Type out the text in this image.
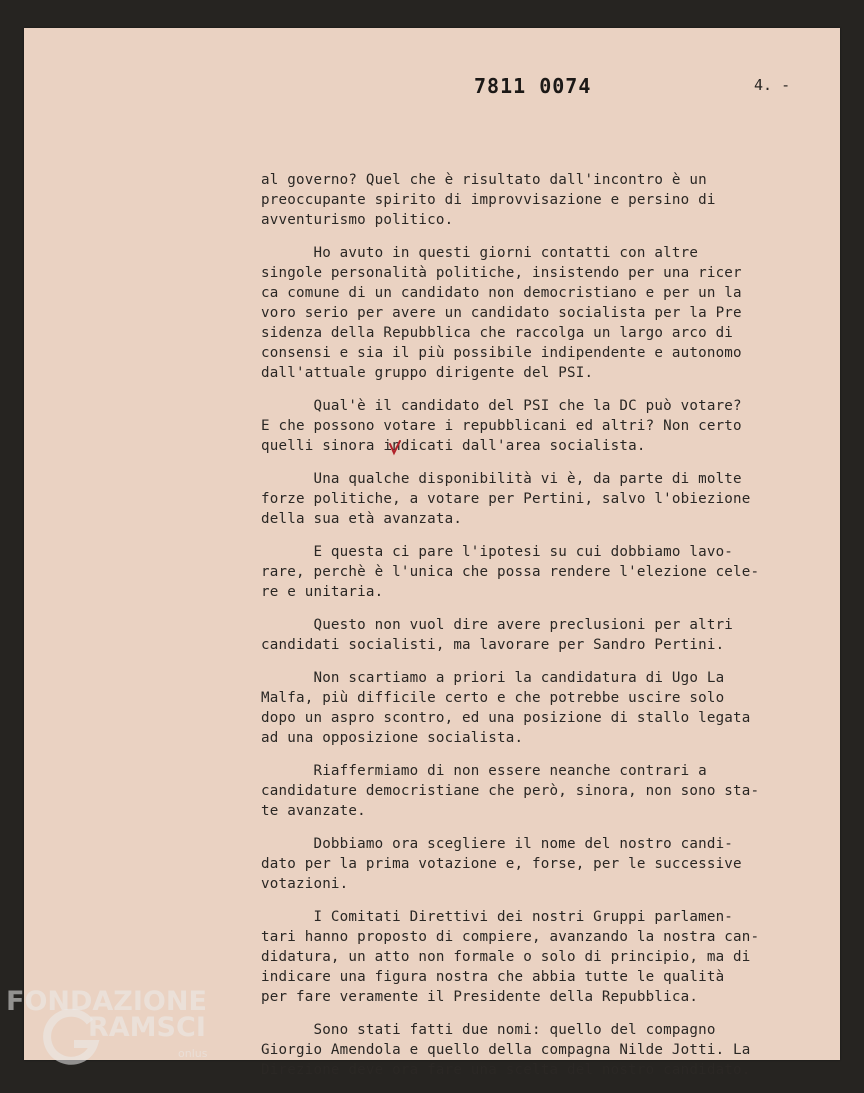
7811 0074	4. -
al governo? Quel che è risultato dall'incontro è un
preoccupante spirito di improvvisazione e persino di
avventurismo politico.
Ho avuto in questi giorni contatti con altre
singole personalità politiche, insistendo per una ricer
ca comune di un candidato non democristiano e per un la
voro serio per avere un candidato socialista per la Pre
sidenza della Repubblica che raccolga un largo arco di
consensi e sia il più possibile indipendente e autonomo
dall'attuale gruppo dirigente del PSI.
Qual'è il candidato del PSI che la DC può votare?
E che possono votare i repubblicani ed altri? Non certo
quelli sinora indicati dall'area socialista.
Una qualche disponibilità vi è, da parte di molte
forze politiche, a votare per Pertini, salvo l'obiezione
della sua età avanzata.
E questa ci pare l'ipotesi su cui dobbiamo lavo-
rare, perchè è l'unica che possa rendere l'elezione cele-
re e unitaria.
Questo non vuol dire avere preclusioni per altri
candidati socialisti, ma lavorare per Sandro Pertini.
Non scartiamo a priori la candidatura di Ugo La
Malfa, più difficile certo e che potrebbe uscire solo
dopo un aspro scontro, ed una posizione di stallo legata
ad una opposizione socialista.
Riaffermiamo di non essere neanche contrari a
candidature democristiane che però, sinora, non sono sta-
te avanzate.
Dobbiamo ora scegliere il nome del nostro candi-
dato per la prima votazione e, forse, per le successive
votazioni.
I Comitati Direttivi dei nostri Gruppi parlamen-
tari hanno proposto di compiere, avanzando la nostra can-
didatura, un atto non formale o solo di principio, ma di
indicare una figura nostra che abbia tutte le qualità
per fare veramente il Presidente della Repubblica.
Sono stati fatti due nomi: quello del compagno
Giorgio Amendola e quello della compagna Nilde Jotti. La
Direzione deve ora fare una scelta del nostro candidato.
FONDAZIONE
RAMSCI
onlus
